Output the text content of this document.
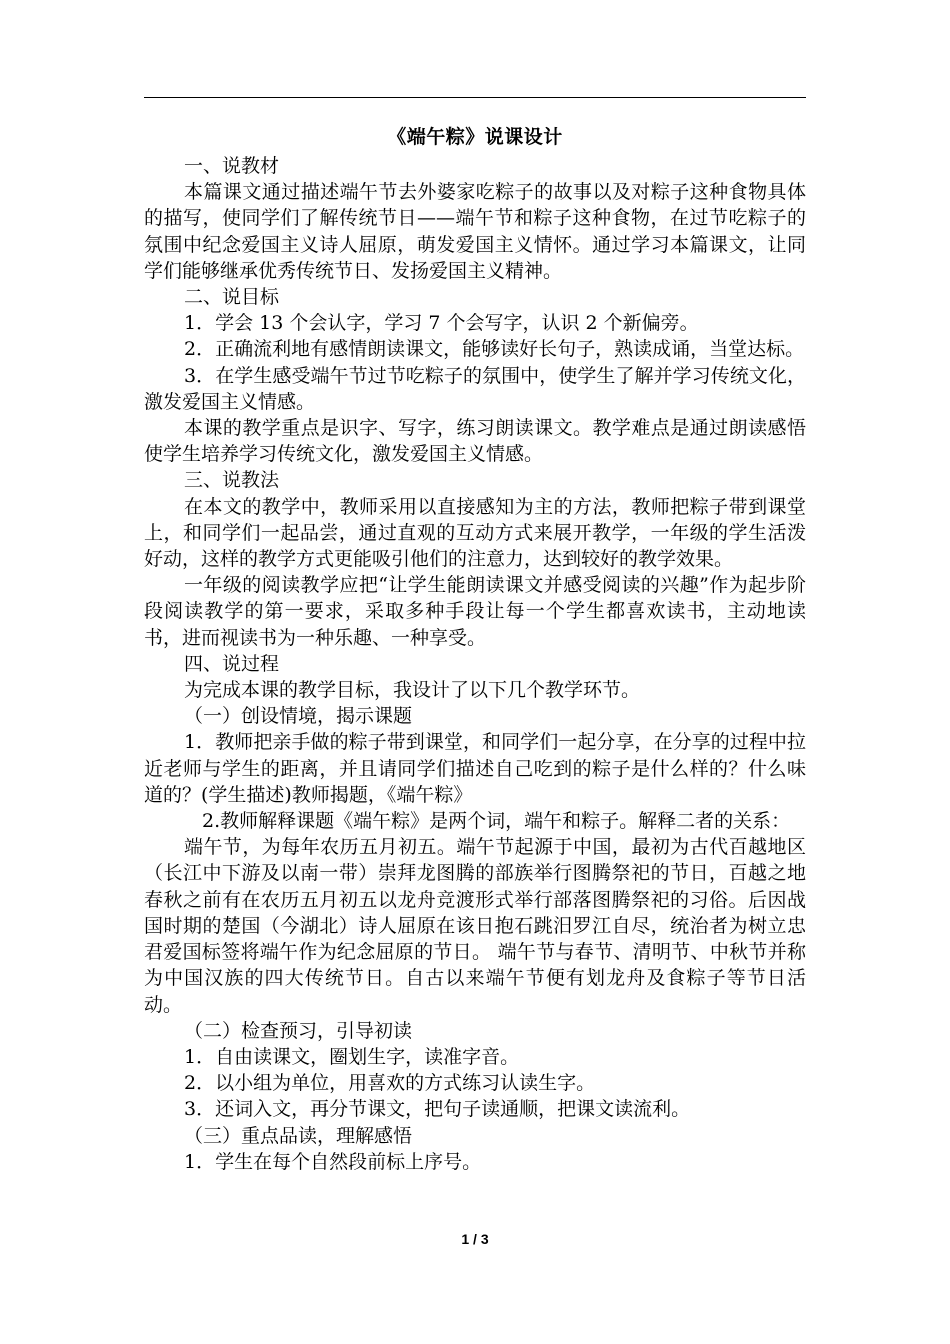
《端午粽》说课设计

一、说教材

本篇课文通过描述端午节去外婆家吃粽子的故事以及对粽子这种食物具体的描写，使同学们了解传统节日——端午节和粽子这种食物，在过节吃粽子的氛围中纪念爱国主义诗人屈原，萌发爱国主义情怀。通过学习本篇课文，让同学们能够继承优秀传统节日、发扬爱国主义精神。

二、说目标

1．学会 13 个会认字，学习 7 个会写字，认识 2 个新偏旁。

2．正确流利地有感情朗读课文，能够读好长句子，熟读成诵，当堂达标。

3．在学生感受端午节过节吃粽子的氛围中，使学生了解并学习传统文化，激发爱国主义情感。

本课的教学重点是识字、写字，练习朗读课文。教学难点是通过朗读感悟使学生培养学习传统文化，激发爱国主义情感。

三、说教法

在本文的教学中，教师采用以直接感知为主的方法，教师把粽子带到课堂上，和同学们一起品尝，通过直观的互动方式来展开教学，一年级的学生活泼好动，这样的教学方式更能吸引他们的注意力，达到较好的教学效果。

一年级的阅读教学应把“让学生能朗读课文并感受阅读的兴趣”作为起步阶段阅读教学的第一要求，采取多种手段让每一个学生都喜欢读书，主动地读书，进而视读书为一种乐趣、一种享受。

四、说过程

为完成本课的教学目标，我设计了以下几个教学环节。

（一）创设情境，揭示课题

1．教师把亲手做的粽子带到课堂，和同学们一起分享，在分享的过程中拉近老师与学生的距离，并且请同学们描述自己吃到的粽子是什么样的？什么味道的？(学生描述)教师揭题，《端午粽》

2.教师解释课题《端午粽》是两个词，端午和粽子。解释二者的关系：

端午节，为每年农历五月初五。端午节起源于中国，最初为古代百越地区（长江中下游及以南一带）崇拜龙图腾的部族举行图腾祭祀的节日，百越之地春秋之前有在农历五月初五以龙舟竞渡形式举行部落图腾祭祀的习俗。后因战国时期的楚国（今湖北）诗人屈原在该日抱石跳汨罗江自尽，统治者为树立忠君爱国标签将端午作为纪念屈原的节日。 端午节与春节、清明节、中秋节并称为中国汉族的四大传统节日。自古以来端午节便有划龙舟及食粽子等节日活动。

（二）检查预习，引导初读

1．自由读课文，圈划生字，读准字音。

2．以小组为单位，用喜欢的方式练习认读生字。

3．还词入文，再分节课文，把句子读通顺，把课文读流利。

（三）重点品读，理解感悟

1．学生在每个自然段前标上序号。

1 / 3
